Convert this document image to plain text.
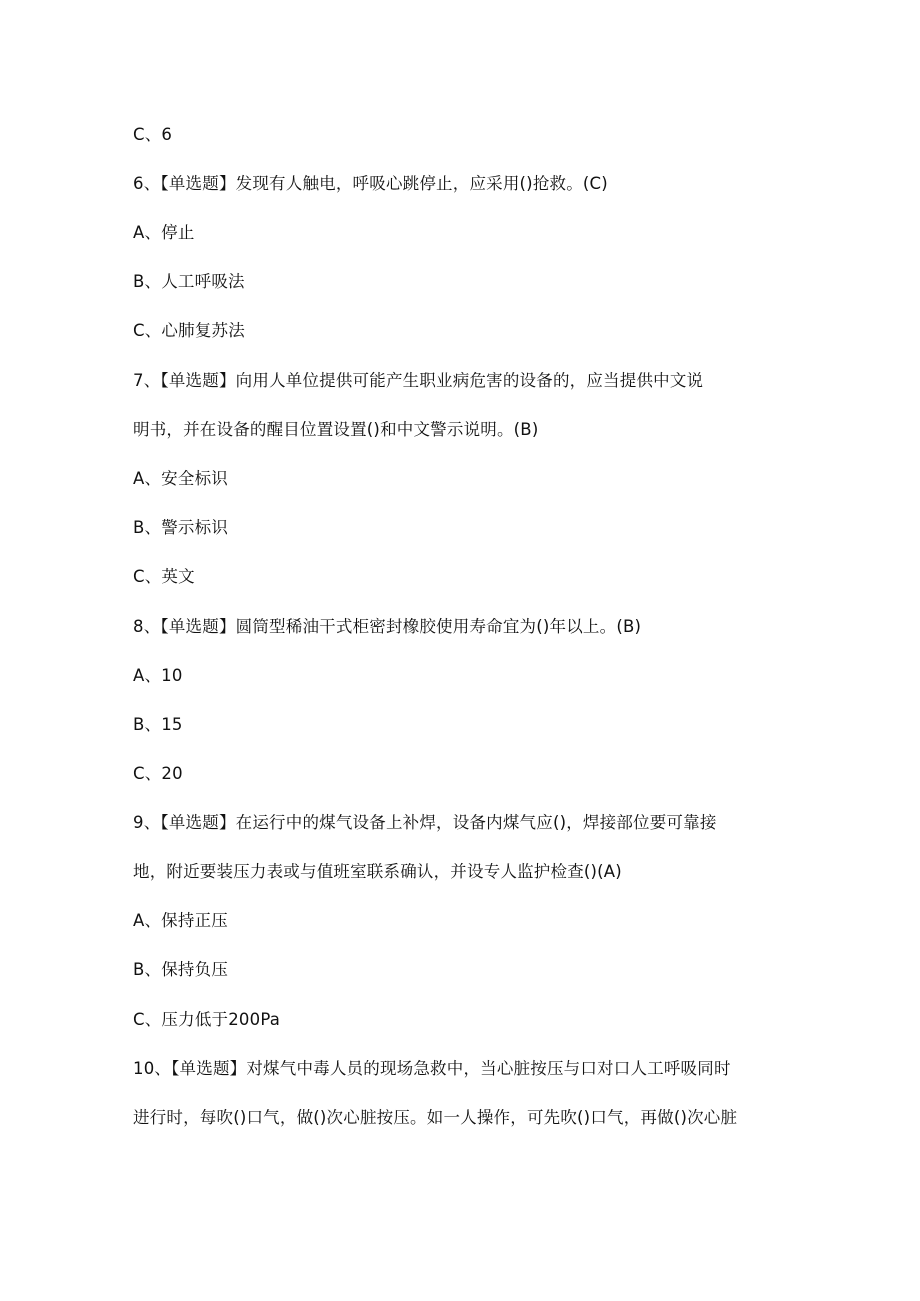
C、6
6、【单选题】发现有人触电，呼吸心跳停止，应采用()抢救。(C)
A、停止
B、人工呼吸法
C、心肺复苏法
7、【单选题】向用人单位提供可能产生职业病危害的设备的，应当提供中文说
明书，并在设备的醒目位置设置()和中文警示说明。(B)
A、安全标识
B、警示标识
C、英文
8、【单选题】圆筒型稀油干式柜密封橡胶使用寿命宜为()年以上。(B)
A、10
B、15
C、20
9、【单选题】在运行中的煤气设备上补焊，设备内煤气应()，焊接部位要可靠接
地，附近要装压力表或与值班室联系确认，并设专人监护检查()(A)
A、保持正压
B、保持负压
C、压力低于200Pa
10、【单选题】对煤气中毒人员的现场急救中，当心脏按压与口对口人工呼吸同时
进行时，每吹()口气，做()次心脏按压。如一人操作，可先吹()口气，再做()次心脏
